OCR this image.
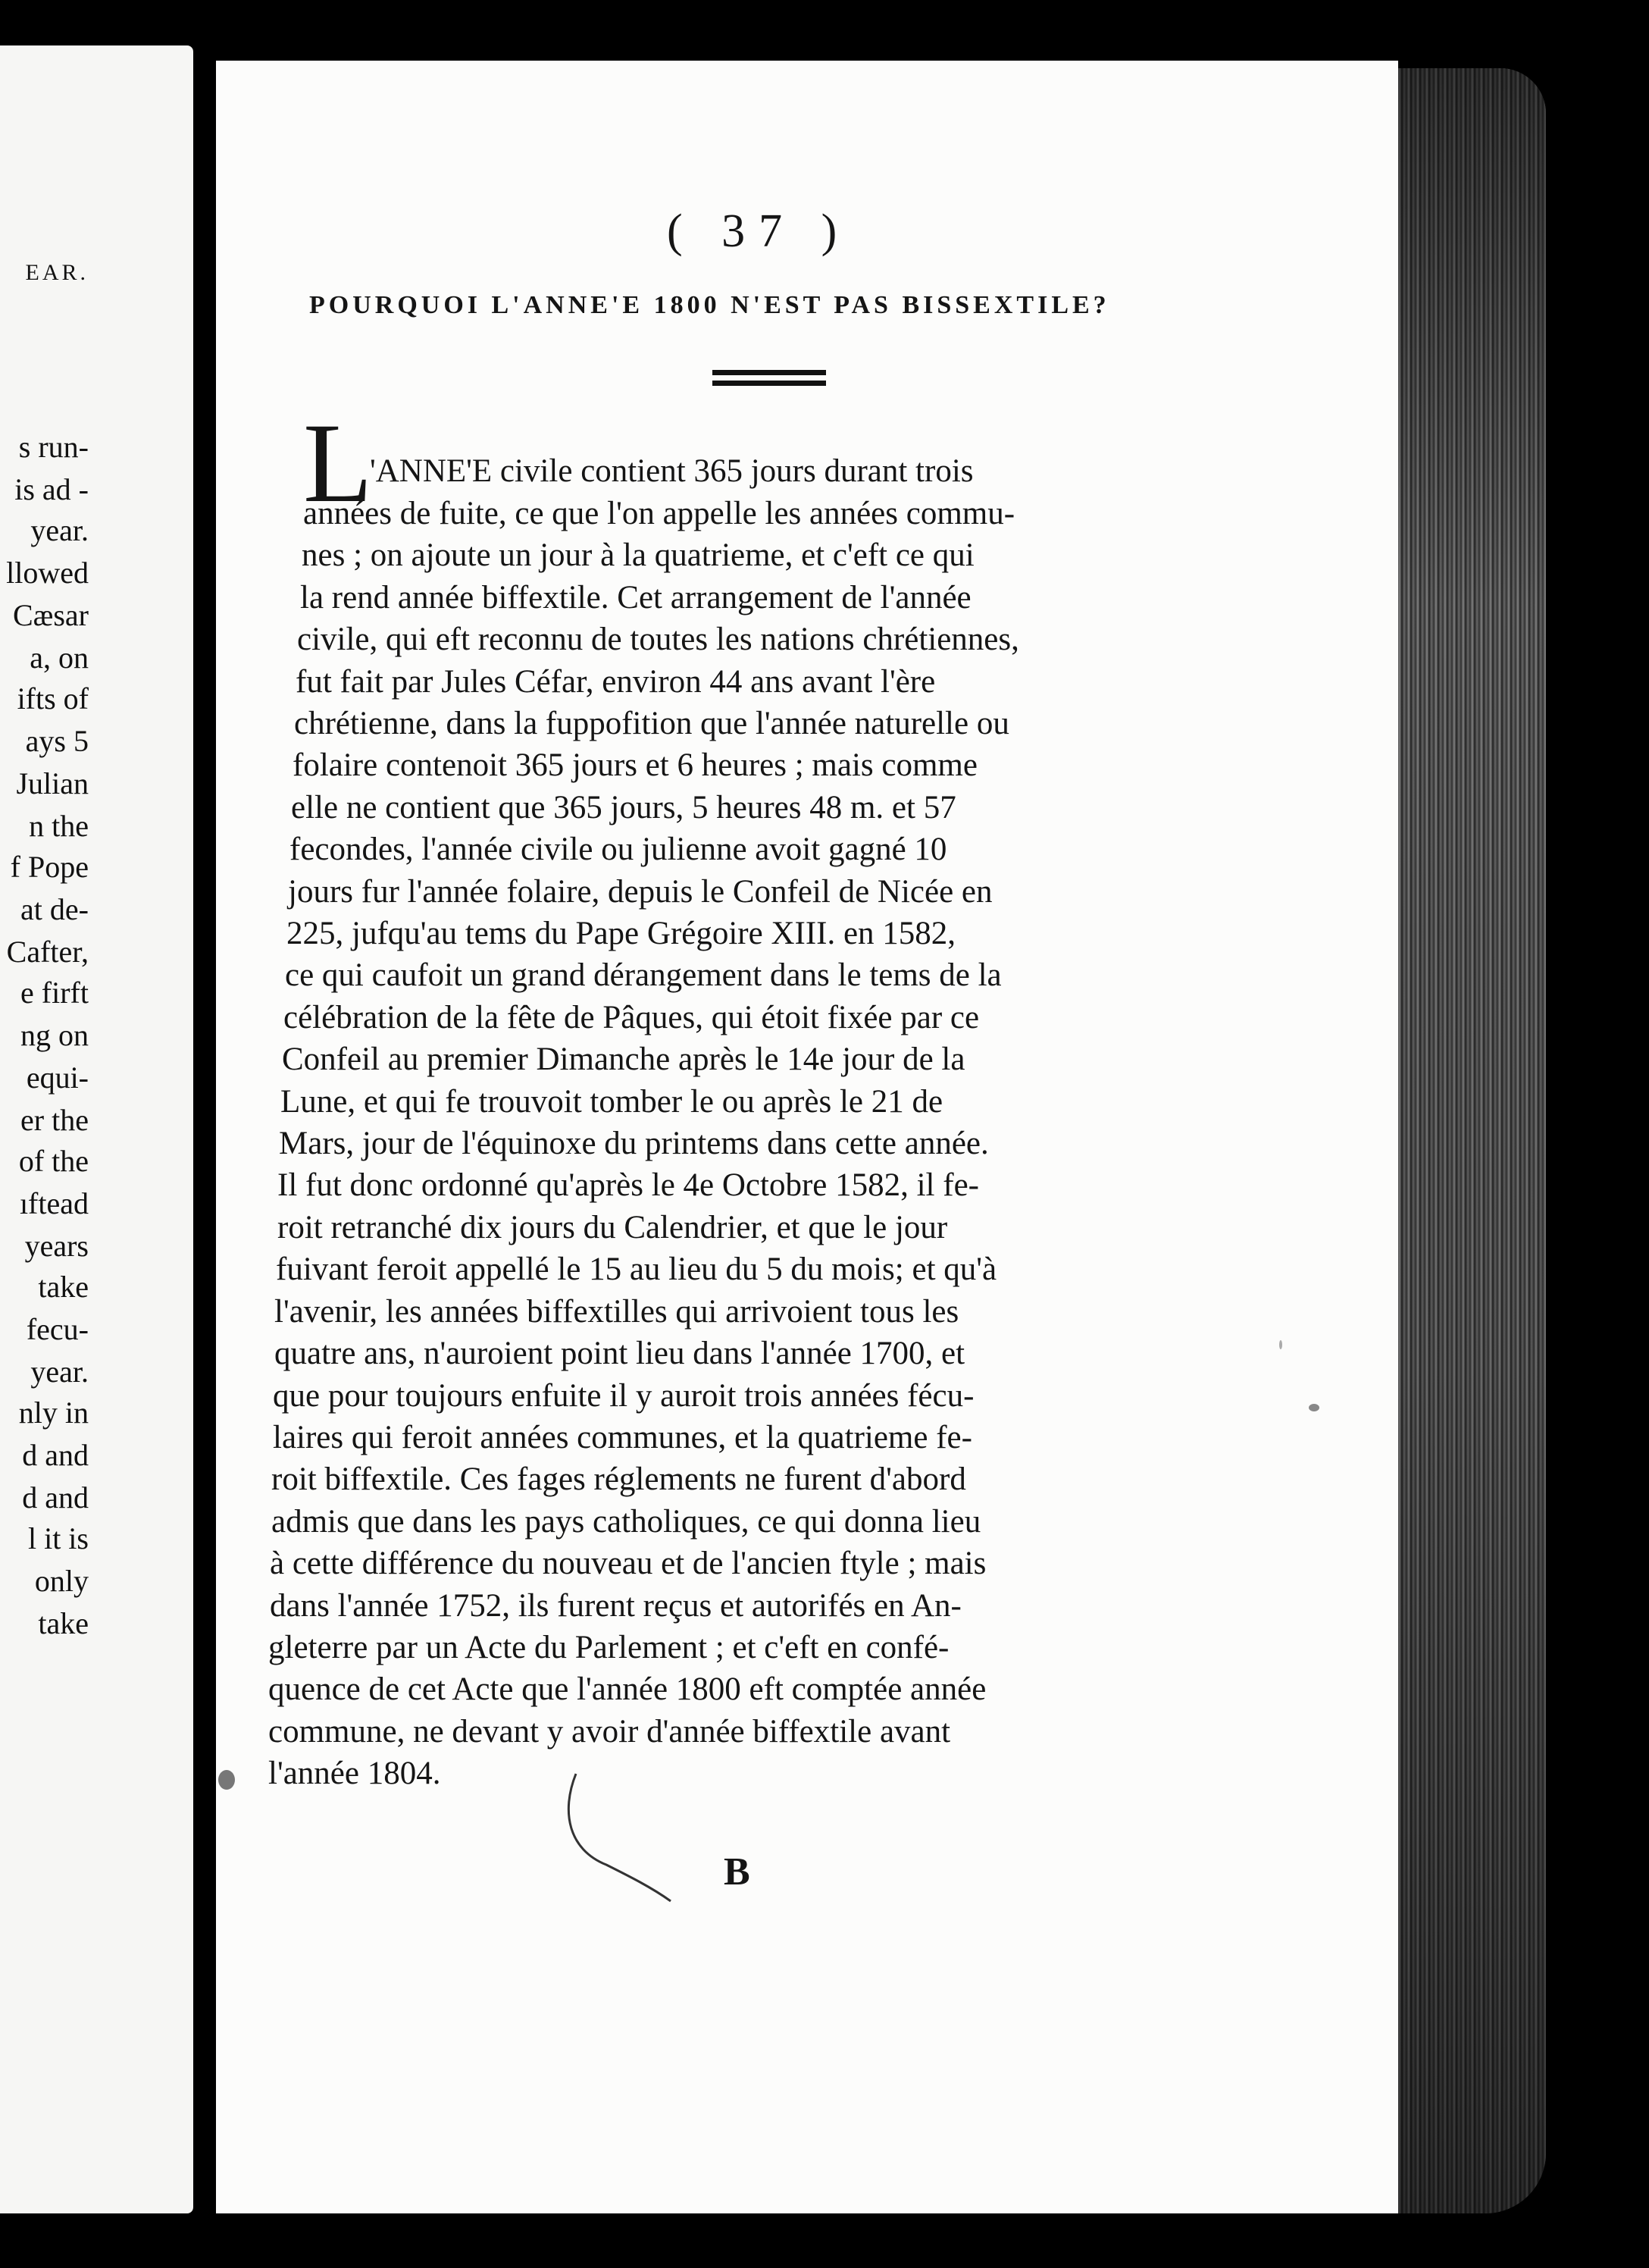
EAR.
s run-
is ad -
year.
llowed
Cæsar
a, on
ifts of
ays 5
Julian
n the
f Pope
at de-
Cafter,
e firft
ng on
equi-
er the
of the
ıftead
years
take
fecu-
year.
nly in
d and
d and
l it is
only
take
( 37 )
POURQUOI L'ANNE'E 1800 N'EST PAS BISSEXTILE?
L
'ANNE'E civile contient 365 jours durant trois
années de fuite, ce que l'on appelle les années commu-
nes ; on ajoute un jour à la quatrieme, et c'eft ce qui
la rend année biffextile. Cet arrangement de l'année
civile, qui eft reconnu de toutes les nations chrétiennes,
fut fait par Jules Céfar, environ 44 ans avant l'ère
chrétienne, dans la fuppofition que l'année naturelle ou
folaire contenoit 365 jours et 6 heures ; mais comme
elle ne contient que 365 jours, 5 heures 48 m. et 57
fecondes, l'année civile ou julienne avoit gagné 10
jours fur l'année folaire, depuis le Confeil de Nicée en
225, jufqu'au tems du Pape Grégoire XIII. en 1582,
ce qui caufoit un grand dérangement dans le tems de la
célébration de la fête de Pâques, qui étoit fixée par ce
Confeil au premier Dimanche après le 14e jour de la
Lune, et qui fe trouvoit tomber le ou après le 21 de
Mars, jour de l'équinoxe du printems dans cette année.
Il fut donc ordonné qu'après le 4e Octobre 1582, il fe-
roit retranché dix jours du Calendrier, et que le jour
fuivant feroit appellé le 15 au lieu du 5 du mois; et qu'à
l'avenir, les années biffextilles qui arrivoient tous les
quatre ans, n'auroient point lieu dans l'année 1700, et
que pour toujours enfuite il y auroit trois années fécu-
laires qui feroit années communes, et la quatrieme fe-
roit biffextile. Ces fages réglements ne furent d'abord
admis que dans les pays catholiques, ce qui donna lieu
à cette différence du nouveau et de l'ancien ftyle ; mais
dans l'année 1752, ils furent reçus et autorifés en An-
gleterre par un Acte du Parlement ; et c'eft en confé-
quence de cet Acte que l'année 1800 eft comptée année
commune, ne devant y avoir d'année biffextile avant
l'année 1804.
B
